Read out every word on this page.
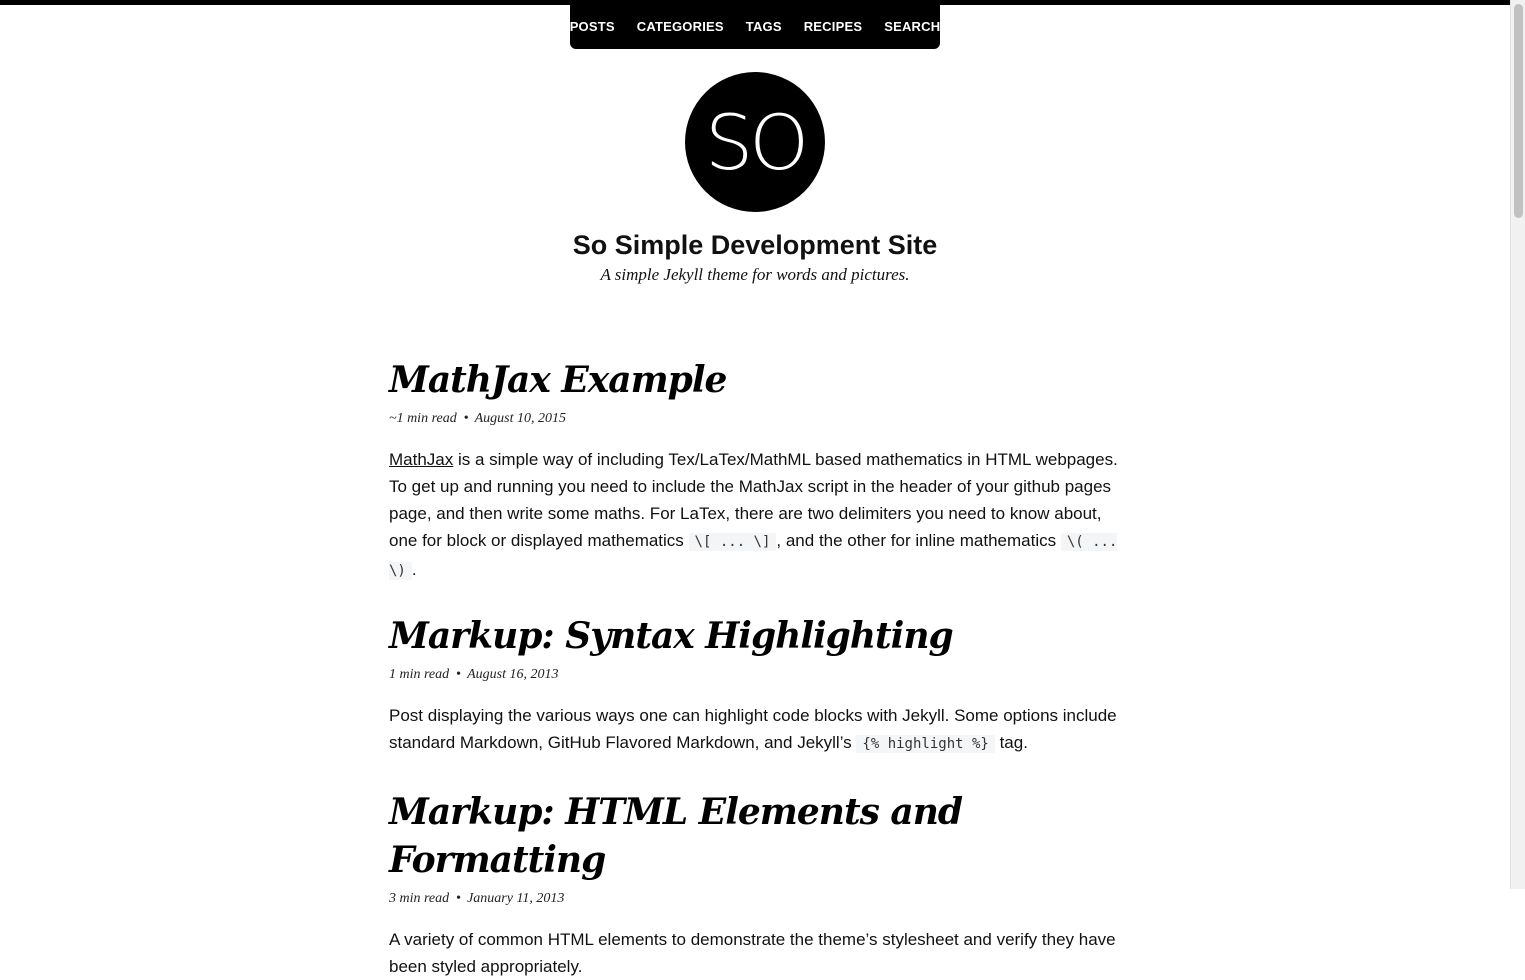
POSTS	CATEGORIES	TAGS	RECIPES	SEARCH
SO
So Simple Development Site

A simple Jekyll theme for words and pictures.

MathJax Example
~1 min read • August 10, 2015

MathJax is a simple way of including Tex/LaTex/MathML based mathematics in HTML webpages. To get up and running you need to include the MathJax script in the header of your github pages page, and then write some maths. For LaTex, there are two delimiters you need to know about, one for block or displayed mathematics \[ ... \] , and the other for inline mathematics \( ... \) .

Markup: Syntax Highlighting
1 min read • August 16, 2013

Post displaying the various ways one can highlight code blocks with Jekyll. Some options include standard Markdown, GitHub Flavored Markdown, and Jekyll’s {% highlight %} tag.

Markup: HTML Elements and Formatting
3 min read • January 11, 2013

A variety of common HTML elements to demonstrate the theme’s stylesheet and verify they have been styled appropriately.
